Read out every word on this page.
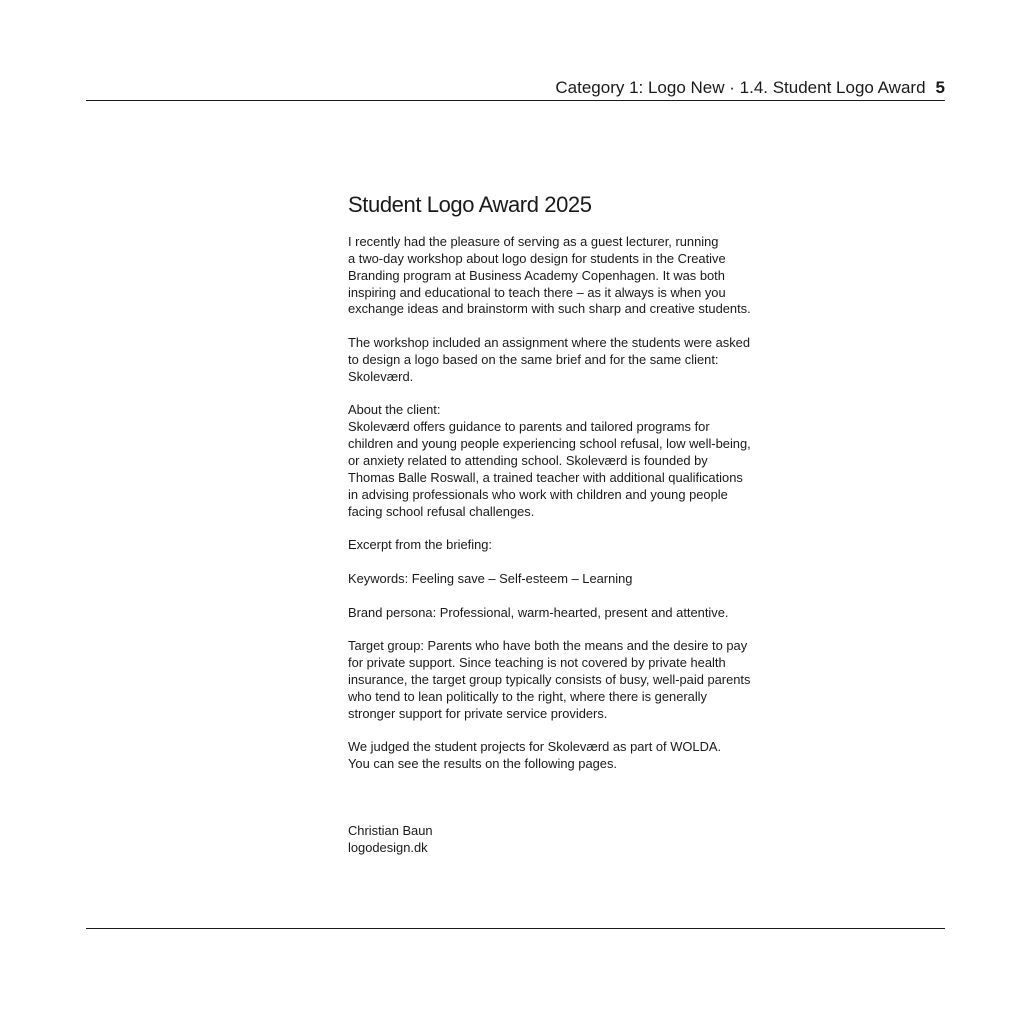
Category 1: Logo New · 1.4. Student Logo Award 5
Student Logo Award 2025

I recently had the pleasure of serving as a guest lecturer, running
a two-day workshop about logo design for students in the Creative
Branding program at Business Academy Copenhagen. It was both
inspiring and educational to teach there – as it always is when you
exchange ideas and brainstorm with such sharp and creative students.

The workshop included an assignment where the students were asked
to design a logo based on the same brief and for the same client:
Skoleværd.

About the client:
Skoleværd offers guidance to parents and tailored programs for
children and young people experiencing school refusal, low well-being,
or anxiety related to attending school. Skoleværd is founded by
Thomas Balle Roswall, a trained teacher with additional qualifications
in advising professionals who work with children and young people
facing school refusal challenges.

Excerpt from the briefing:

Keywords: Feeling save – Self-esteem – Learning

Brand persona: Professional, warm-hearted, present and attentive.

Target group: Parents who have both the means and the desire to pay
for private support. Since teaching is not covered by private health
insurance, the target group typically consists of busy, well-paid parents
who tend to lean politically to the right, where there is generally
stronger support for private service providers.

We judged the student projects for Skoleværd as part of WOLDA.
You can see the results on the following pages.

Christian Baun
logodesign.dk
